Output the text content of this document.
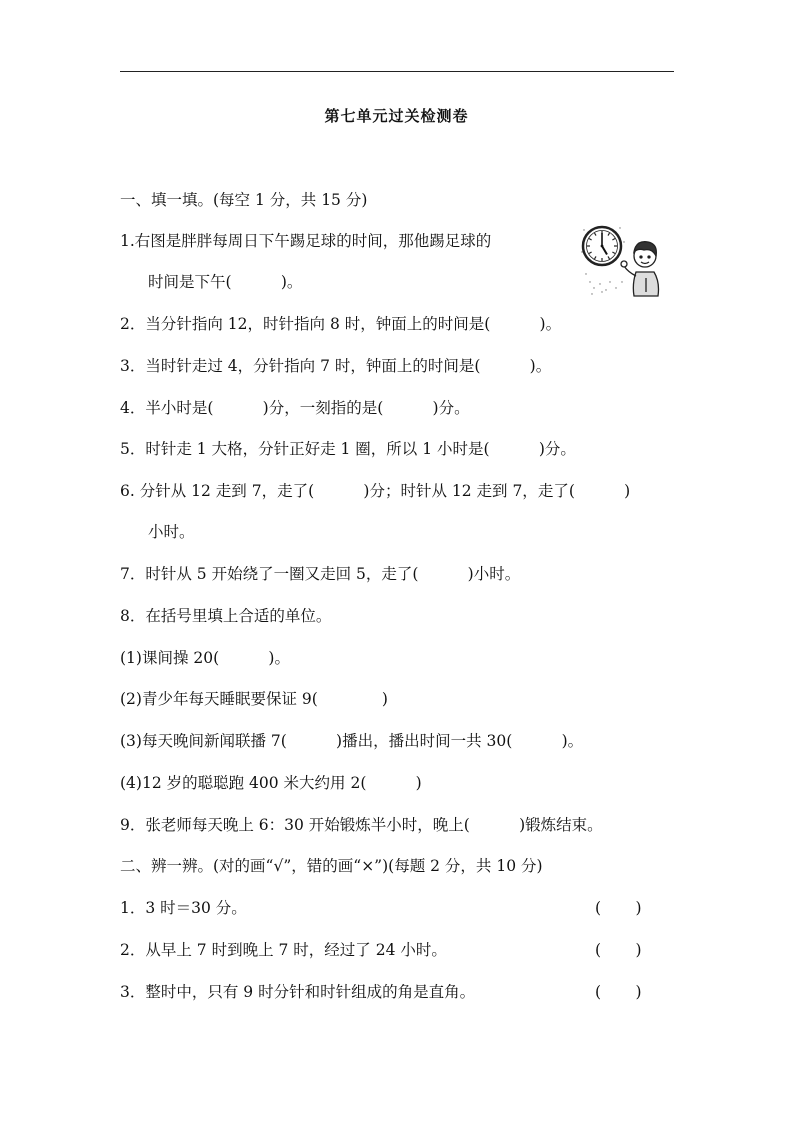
第七单元过关检测卷
一、填一填。(每空 1 分，共 15 分)
1.右图是胖胖每周日下午踢足球的时间，那他踢足球的
时间是下午(          )。
2．当分针指向 12，时针指向 8 时，钟面上的时间是(          )。
3．当时针走过 4，分针指向 7 时，钟面上的时间是(          )。
4．半小时是(          )分，一刻指的是(          )分。
5．时针走 1 大格，分针正好走 1 圈，所以 1 小时是(          )分。
6. 分针从 12 走到 7，走了(          )分；时针从 12 走到 7，走了(          )
小时。
7．时针从 5 开始绕了一圈又走回 5，走了(          )小时。
8．在括号里填上合适的单位。
(1)课间操 20(          )。
(2)青少年每天睡眠要保证 9(             )
(3)每天晚间新闻联播 7(          )播出，播出时间一共 30(          )。
(4)12 岁的聪聪跑 400 米大约用 2(          )
9．张老师每天晚上 6：30 开始锻炼半小时，晚上(          )锻炼结束。
二、辨一辨。(对的画“√”，错的画“×”)(每题 2 分，共 10 分)
1．3 时＝30 分。	(       )
2．从早上 7 时到晚上 7 时，经过了 24 小时。	(       )
3．整时中，只有 9 时分针和时针组成的角是直角。	(       )
